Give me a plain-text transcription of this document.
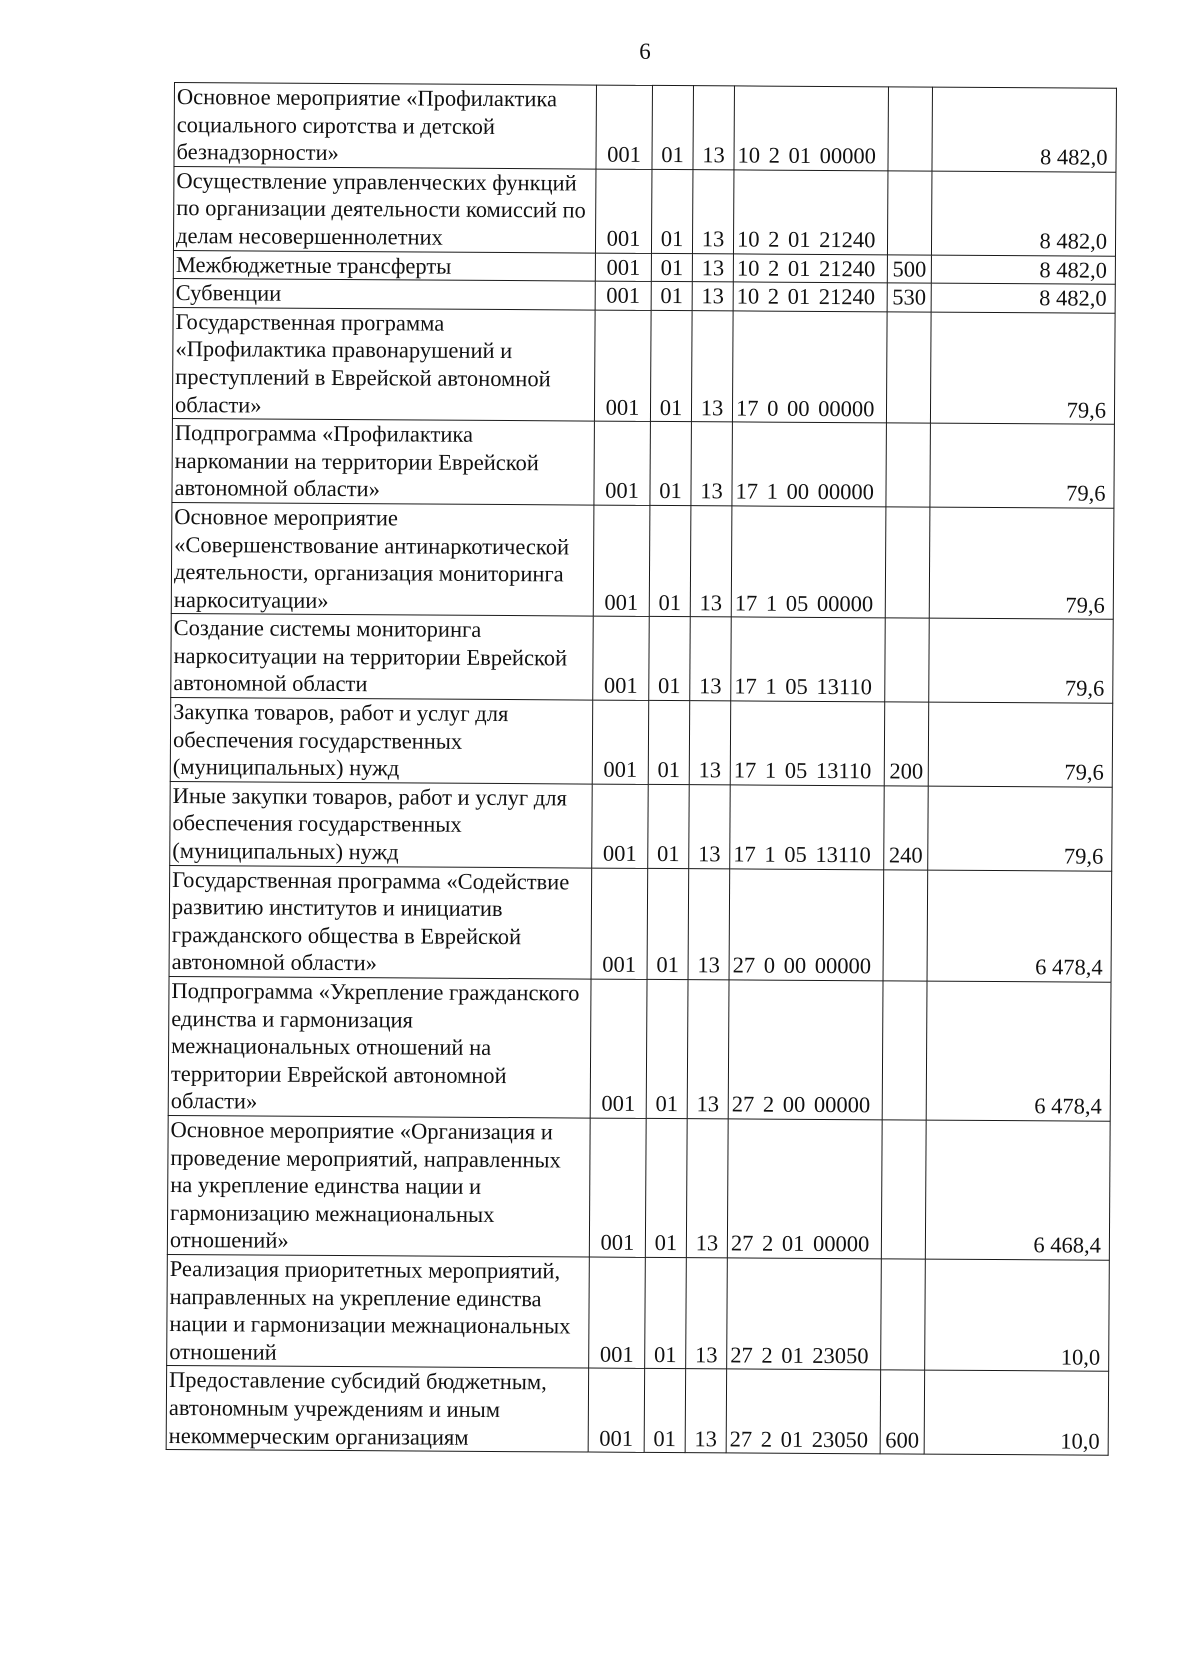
6
Основное мероприятие «Профилактика социального сиротства и детской безнадзорности»	001	01	13	10 2 01 00000		8 482,0
Осуществление управленческих функций по организации деятельности комиссий по делам несовершеннолетних	001	01	13	10 2 01 21240		8 482,0
Межбюджетные трансферты	001	01	13	10 2 01 21240	500	8 482,0
Субвенции	001	01	13	10 2 01 21240	530	8 482,0
Государственная программа «Профилактика правонарушений и преступлений в Еврейской автономной области»	001	01	13	17 0 00 00000		79,6
Подпрограмма «Профилактика наркомании на территории Еврейской автономной области»	001	01	13	17 1 00 00000		79,6
Основное мероприятие «Совершенствование антинаркотической деятельности, организация мониторинга наркоситуации»	001	01	13	17 1 05 00000		79,6
Создание системы мониторинга наркоситуации на территории Еврейской автономной области	001	01	13	17 1 05 13110		79,6
Закупка товаров, работ и услуг для обеспечения государственных (муниципальных) нужд	001	01	13	17 1 05 13110	200	79,6
Иные закупки товаров, работ и услуг для обеспечения государственных (муниципальных) нужд	001	01	13	17 1 05 13110	240	79,6
Государственная программа «Содействие развитию институтов и инициатив гражданского общества в Еврейской автономной области»	001	01	13	27 0 00 00000		6 478,4
Подпрограмма «Укрепление гражданского единства и гармонизация межнациональных отношений на территории Еврейской автономной области»	001	01	13	27 2 00 00000		6 478,4
Основное мероприятие «Организация и проведение мероприятий, направленных на укрепление единства нации и гармонизацию межнациональных отношений»	001	01	13	27 2 01 00000		6 468,4
Реализация приоритетных мероприятий, направленных на укрепление единства нации и гармонизации межнациональных отношений	001	01	13	27 2 01 23050		10,0
Предоставление субсидий бюджетным, автономным учреждениям и иным некоммерческим организациям	001	01	13	27 2 01 23050	600	10,0
